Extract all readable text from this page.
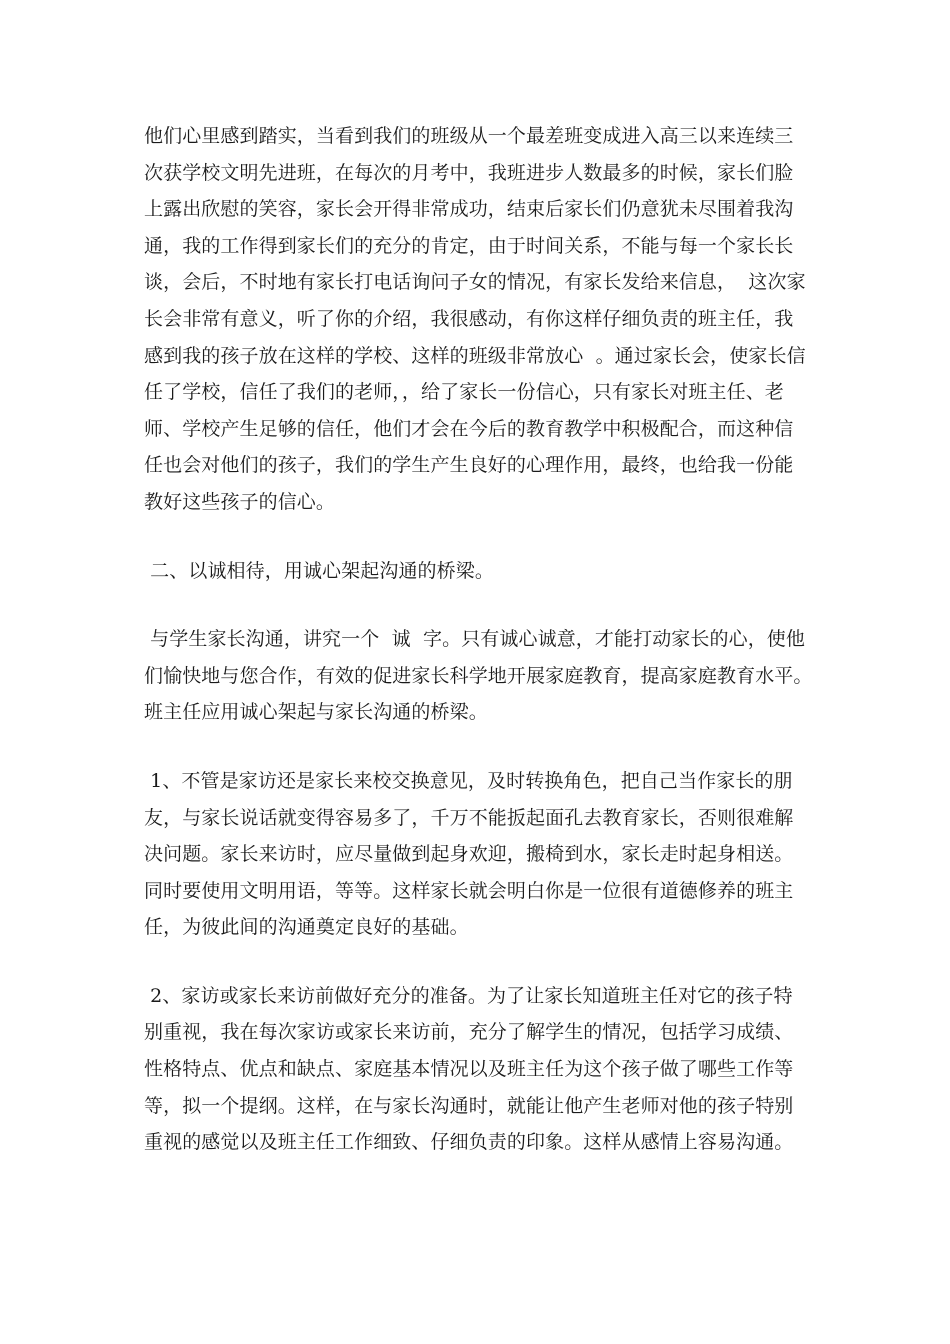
他们心里感到踏实，当看到我们的班级从一个最差班变成进入高三以来连续三
次获学校文明先进班，在每次的月考中，我班进步人数最多的时候，家长们脸
上露出欣慰的笑容，家长会开得非常成功，结束后家长们仍意犹未尽围着我沟
通，我的工作得到家长们的充分的肯定，由于时间关系，不能与每一个家长长
谈，会后，不时地有家长打电话询问子女的情况，有家长发给来信息，  这次家
长会非常有意义，听了你的介绍，我很感动，有你这样仔细负责的班主任，我
感到我的孩子放在这样的学校、这样的班级非常放心  。通过家长会，使家长信
任了学校，信任了我们的老师，，给了家长一份信心，只有家长对班主任、老
师、学校产生足够的信任，他们才会在今后的教育教学中积极配合，而这种信
任也会对他们的孩子，我们的学生产生良好的心理作用，最终，也给我一份能
教好这些孩子的信心。
二、以诚相待，用诚心架起沟通的桥梁。
与学生家长沟通，讲究一个  诚  字。只有诚心诚意，才能打动家长的心，使他
们愉快地与您合作，有效的促进家长科学地开展家庭教育，提高家庭教育水平。
班主任应用诚心架起与家长沟通的桥梁。
1、不管是家访还是家长来校交换意见，及时转换角色，把自己当作家长的朋
友，与家长说话就变得容易多了，千万不能扳起面孔去教育家长，否则很难解
决问题。家长来访时，应尽量做到起身欢迎，搬椅到水，家长走时起身相送。
同时要使用文明用语，等等。这样家长就会明白你是一位很有道德修养的班主
任，为彼此间的沟通奠定良好的基础。
2、家访或家长来访前做好充分的准备。为了让家长知道班主任对它的孩子特
别重视，我在每次家访或家长来访前，充分了解学生的情况，包括学习成绩、
性格特点、优点和缺点、家庭基本情况以及班主任为这个孩子做了哪些工作等
等，拟一个提纲。这样，在与家长沟通时，就能让他产生老师对他的孩子特别
重视的感觉以及班主任工作细致、仔细负责的印象。这样从感情上容易沟通。
